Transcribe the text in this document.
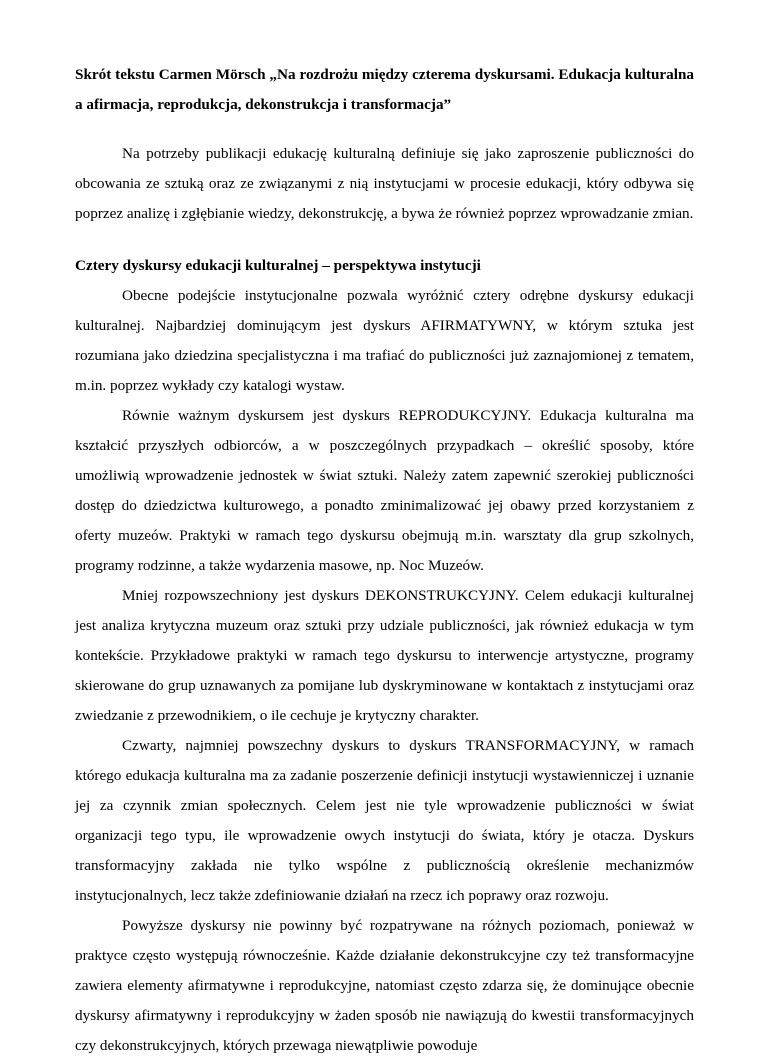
Skrót tekstu Carmen Mörsch „Na rozdrożu między czterema dyskursami. Edukacja kulturalna a afirmacja, reprodukcja, dekonstrukcja i transformacja”

Na potrzeby publikacji edukację kulturalną definiuje się jako zaproszenie publiczności do obcowania ze sztuką oraz ze związanymi z nią instytucjami w procesie edukacji, który odbywa się poprzez analizę i zgłębianie wiedzy, dekonstrukcję, a bywa że również poprzez wprowadzanie zmian.

Cztery dyskursy edukacji kulturalnej – perspektywa instytucji

Obecne podejście instytucjonalne pozwala wyróżnić cztery odrębne dyskursy edukacji kulturalnej. Najbardziej dominującym jest dyskurs AFIRMATYWNY, w którym sztuka jest rozumiana jako dziedzina specjalistyczna i ma trafiać do publiczności już zaznajomionej z tematem, m.in. poprzez wykłady czy katalogi wystaw.

Równie ważnym dyskursem jest dyskurs REPRODUKCYJNY. Edukacja kulturalna ma kształcić przyszłych odbiorców, a w poszczególnych przypadkach – określić sposoby, które umożliwią wprowadzenie jednostek w świat sztuki. Należy zatem zapewnić szerokiej publiczności dostęp do dziedzictwa kulturowego, a ponadto zminimalizować jej obawy przed korzystaniem z oferty muzeów. Praktyki w ramach tego dyskursu obejmują m.in. warsztaty dla grup szkolnych, programy rodzinne, a także wydarzenia masowe, np. Noc Muzeów.

Mniej rozpowszechniony jest dyskurs DEKONSTRUKCYJNY. Celem edukacji kulturalnej jest analiza krytyczna muzeum oraz sztuki przy udziale publiczności, jak również edukacja w tym kontekście. Przykładowe praktyki w ramach tego dyskursu to interwencje artystyczne, programy skierowane do grup uznawanych za pomijane lub dyskryminowane w kontaktach z instytucjami oraz zwiedzanie z przewodnikiem, o ile cechuje je krytyczny charakter.

Czwarty, najmniej powszechny dyskurs to dyskurs TRANSFORMACYJNY, w ramach którego edukacja kulturalna ma za zadanie poszerzenie definicji instytucji wystawienniczej i uznanie jej za czynnik zmian społecznych. Celem jest nie tyle wprowadzenie publiczności w świat organizacji tego typu, ile wprowadzenie owych instytucji do świata, który je otacza. Dyskurs transformacyjny zakłada nie tylko wspólne z publicznością określenie mechanizmów instytucjonalnych, lecz także zdefiniowanie działań na rzecz ich poprawy oraz rozwoju.

Powyższe dyskursy nie powinny być rozpatrywane na różnych poziomach, ponieważ w praktyce często występują równocześnie. Każde działanie dekonstrukcyjne czy też transformacyjne zawiera elementy afirmatywne i reprodukcyjne, natomiast często zdarza się, że dominujące obecnie dyskursy afirmatywny i reprodukcyjny w żaden sposób nie nawiązują do kwestii transformacyjnych czy dekonstrukcyjnych, których przewaga niewątpliwie powoduje
